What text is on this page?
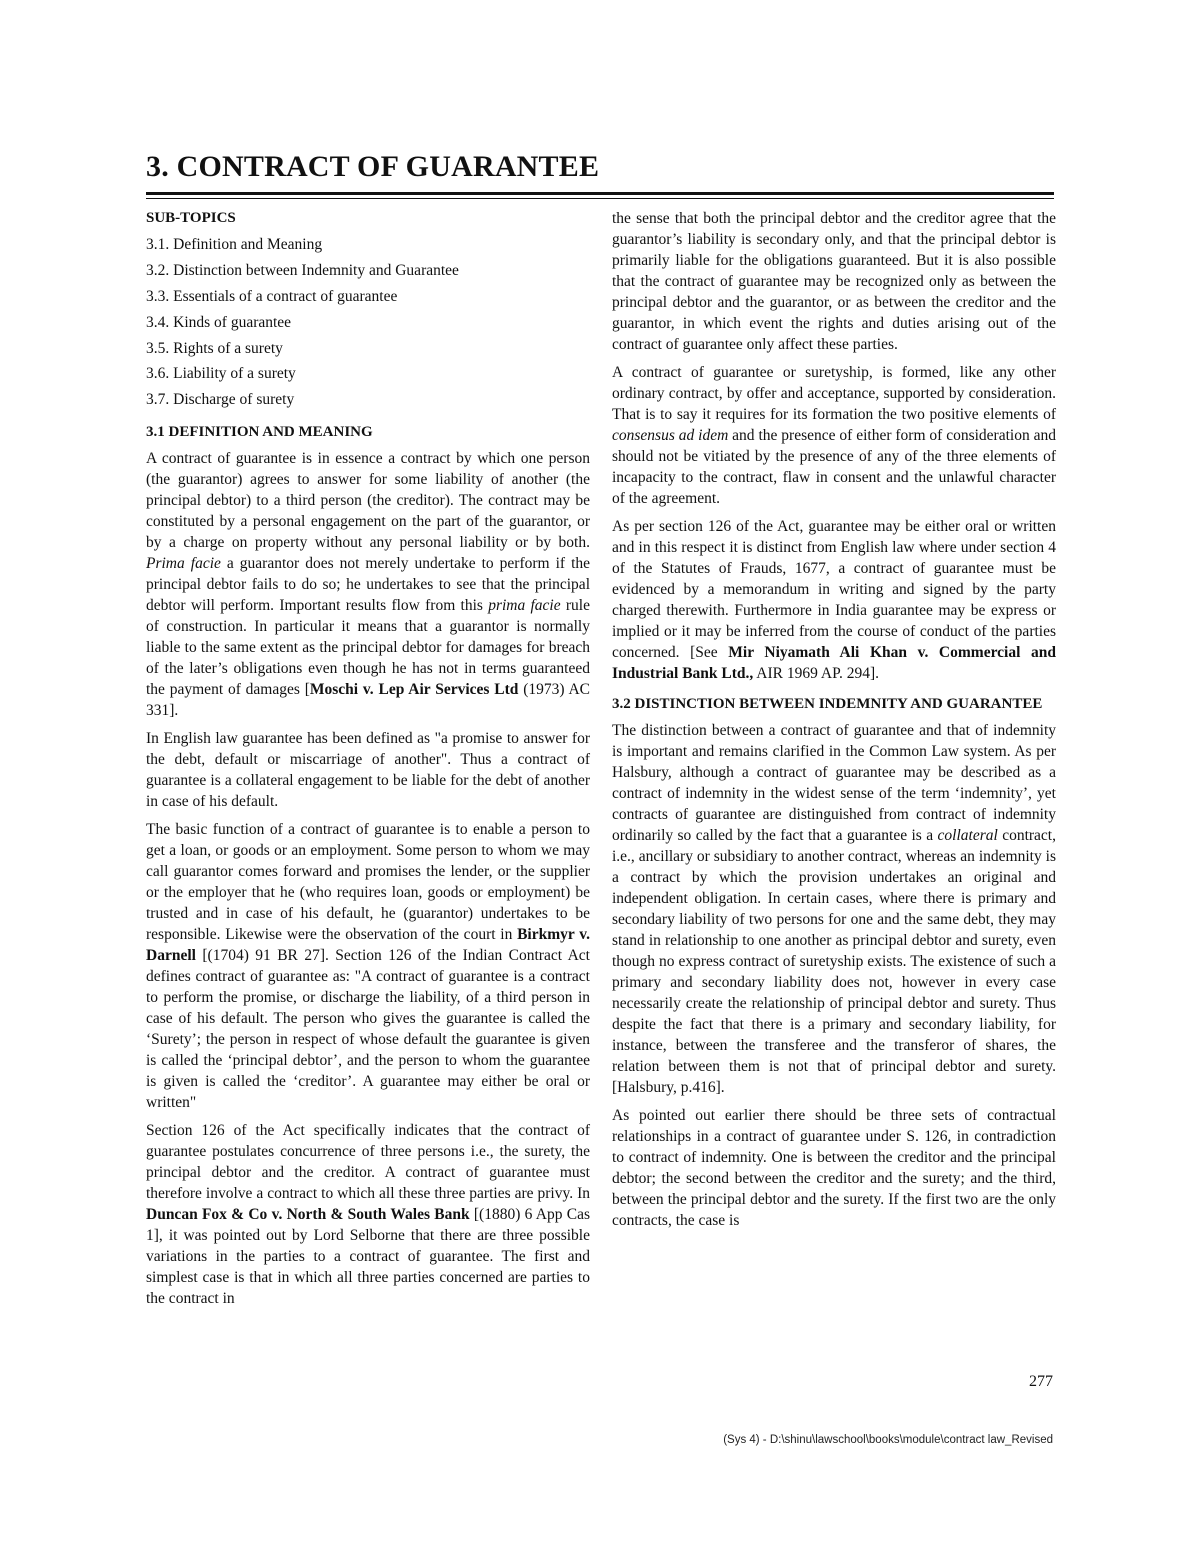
3. CONTRACT OF GUARANTEE
SUB-TOPICS
3.1. Definition and Meaning
3.2. Distinction between Indemnity and Guarantee
3.3. Essentials of a contract of guarantee
3.4. Kinds of guarantee
3.5. Rights of a surety
3.6. Liability of a surety
3.7. Discharge of surety
3.1 DEFINITION AND MEANING

A contract of guarantee is in essence a contract by which one person (the guarantor) agrees to answer for some liability of another (the principal debtor) to a third person (the creditor). The contract may be constituted by a personal engagement on the part of the guarantor, or by a charge on property without any personal liability or by both. Prima facie a guarantor does not merely undertake to perform if the principal debtor fails to do so; he undertakes to see that the principal debtor will perform. Important results flow from this prima facie rule of construction. In particular it means that a guarantor is normally liable to the same extent as the principal debtor for damages for breach of the later’s obligations even though he has not in terms guaranteed the payment of damages [Moschi v. Lep Air Services Ltd (1973) AC 331].

In English law guarantee has been defined as "a promise to answer for the debt, default or miscarriage of another". Thus a contract of guarantee is a collateral engagement to be liable for the debt of another in case of his default.

The basic function of a contract of guarantee is to enable a person to get a loan, or goods or an employment. Some person to whom we may call guarantor comes forward and promises the lender, or the supplier or the employer that he (who requires loan, goods or employment) be trusted and in case of his default, he (guarantor) undertakes to be responsible. Likewise were the observation of the court in Birkmyr v. Darnell [(1704) 91 BR 27]. Section 126 of the Indian Contract Act defines contract of guarantee as: "A contract of guarantee is a contract to perform the promise, or discharge the liability, of a third person in case of his default. The person who gives the guarantee is called the ‘Surety’; the person in respect of whose default the guarantee is given is called the ‘principal debtor’, and the person to whom the guarantee is given is called the ‘creditor’. A guarantee may either be oral or written"

Section 126 of the Act specifically indicates that the contract of guarantee postulates concurrence of three persons i.e., the surety, the principal debtor and the creditor. A contract of guarantee must therefore involve a contract to which all these three parties are privy. In Duncan Fox & Co v. North & South Wales Bank [(1880) 6 App Cas 1], it was pointed out by Lord Selborne that there are three possible variations in the parties to a contract of guarantee. The first and simplest case is that in which all three parties concerned are parties to the contract in

the sense that both the principal debtor and the creditor agree that the guarantor’s liability is secondary only, and that the principal debtor is primarily liable for the obligations guaranteed. But it is also possible that the contract of guarantee may be recognized only as between the principal debtor and the guarantor, or as between the creditor and the guarantor, in which event the rights and duties arising out of the contract of guarantee only affect these parties.

A contract of guarantee or suretyship, is formed, like any other ordinary contract, by offer and acceptance, supported by consideration. That is to say it requires for its formation the two positive elements of consensus ad idem and the presence of either form of consideration and should not be vitiated by the presence of any of the three elements of incapacity to the contract, flaw in consent and the unlawful character of the agreement.

As per section 126 of the Act, guarantee may be either oral or written and in this respect it is distinct from English law where under section 4 of the Statutes of Frauds, 1677, a contract of guarantee must be evidenced by a memorandum in writing and signed by the party charged therewith. Furthermore in India guarantee may be express or implied or it may be inferred from the course of conduct of the parties concerned. [See Mir Niyamath Ali Khan v. Commercial and Industrial Bank Ltd., AIR 1969 AP. 294].

3.2 DISTINCTION BETWEEN INDEMNITY AND GUARANTEE

The distinction between a contract of guarantee and that of indemnity is important and remains clarified in the Common Law system. As per Halsbury, although a contract of guarantee may be described as a contract of indemnity in the widest sense of the term ‘indemnity’, yet contracts of guarantee are distinguished from contract of indemnity ordinarily so called by the fact that a guarantee is a collateral contract, i.e., ancillary or subsidiary to another contract, whereas an indemnity is a contract by which the provision undertakes an original and independent obligation. In certain cases, where there is primary and secondary liability of two persons for one and the same debt, they may stand in relationship to one another as principal debtor and surety, even though no express contract of suretyship exists. The existence of such a primary and secondary liability does not, however in every case necessarily create the relationship of principal debtor and surety. Thus despite the fact that there is a primary and secondary liability, for instance, between the transferee and the transferor of shares, the relation between them is not that of principal debtor and surety. [Halsbury, p.416].

As pointed out earlier there should be three sets of contractual relationships in a contract of guarantee under S. 126, in contradiction to contract of indemnity. One is between the creditor and the principal debtor; the second between the creditor and the surety; and the third, between the principal debtor and the surety. If the first two are the only contracts, the case is

277
(Sys 4) - D:\shinu\lawschool\books\module\contract law_Revised
